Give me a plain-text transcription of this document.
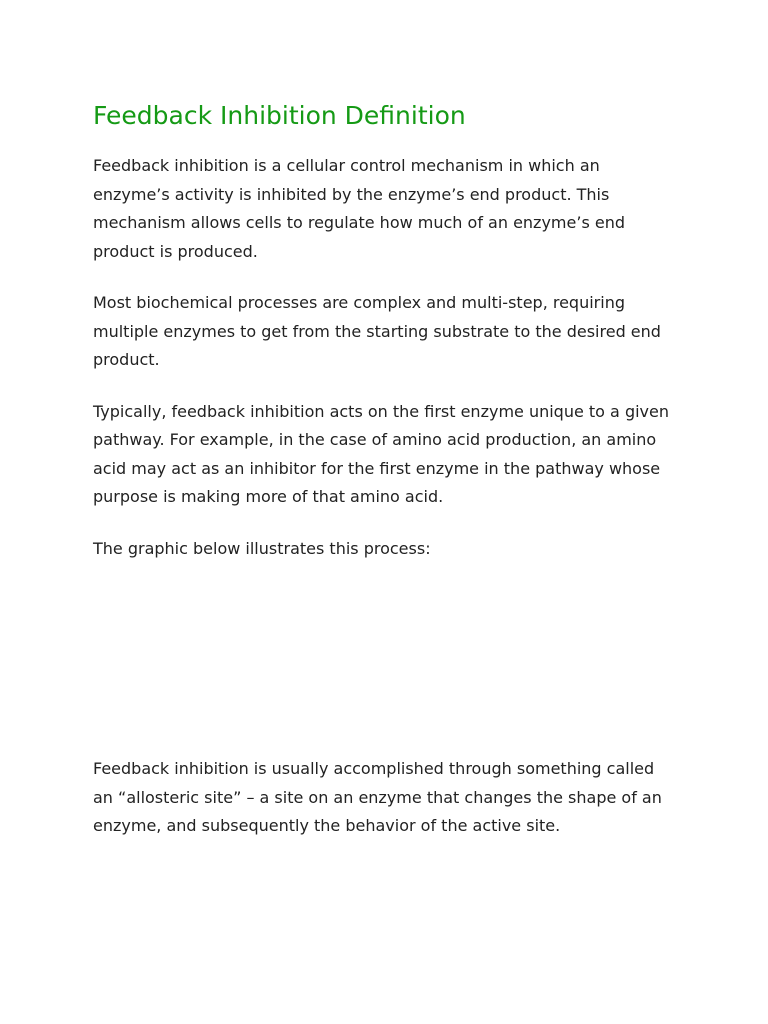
Feedback Inhibition Definition

Feedback inhibition is a cellular control mechanism in which an enzyme’s activity is inhibited by the enzyme’s end product. This mechanism allows cells to regulate how much of an enzyme’s end product is produced.

Most biochemical processes are complex and multi-step, requiring multiple enzymes to get from the starting substrate to the desired end product.

Typically, feedback inhibition acts on the first enzyme unique to a given pathway. For example, in the case of amino acid production, an amino acid may act as an inhibitor for the first enzyme in the pathway whose purpose is making more of that amino acid.

The graphic below illustrates this process:

Feedback inhibition is usually accomplished through something called an “allosteric site” – a site on an enzyme that changes the shape of an enzyme, and subsequently the behavior of the active site.
